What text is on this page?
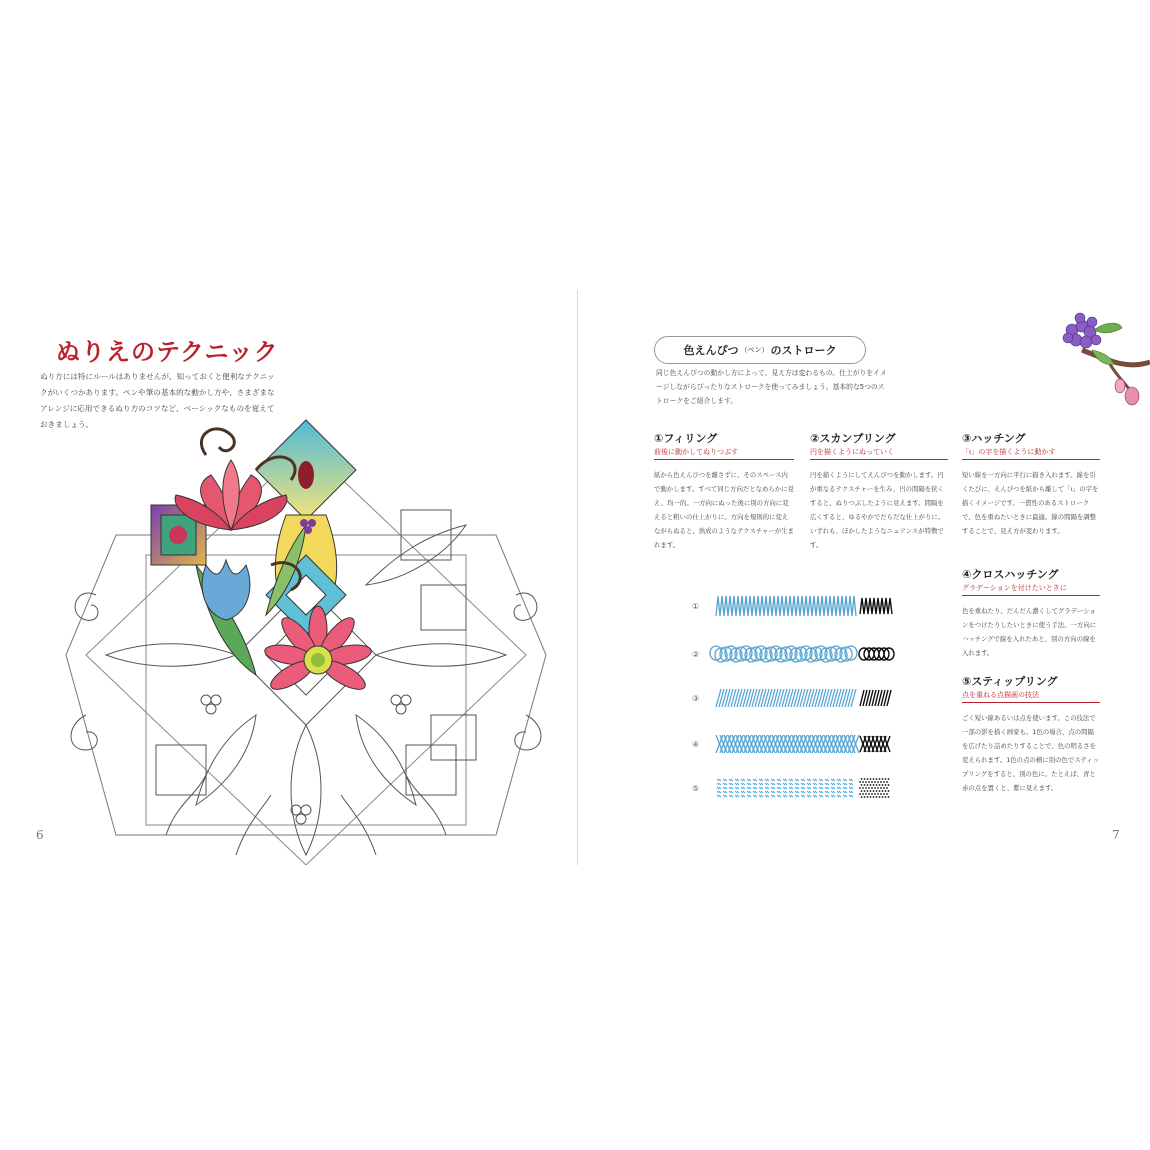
ぬりえのテクニック
ぬり方には特にルールはありませんが、知っておくと便利なテクニックがいくつかあります。ペンや筆の基本的な動かし方や、さまざまなアレンジに応用できるぬり方のコツなど、ベーシックなものを覚えておきましょう。
6
色えんぴつ （ペン） のストローク
同じ色えんぴつの動かし方によって、見え方は変わるもの。仕上がりをイメージしながらぴったりなストロークを使ってみましょう。基本的な5つのストロークをご紹介します。
①フィリング
前後に動かしてぬりつぶす
紙から色えんぴつを離さずに、そのスペース内で動かします。すべて同じ方向だとなめらかに見え、均一的。一方向にぬった後に別の方向に変えると粗いの仕上がりに。方向を規則的に変えながらぬると、熟成のようなテクスチャーが生まれます。
②スカンブリング
円を描くようにぬっていく
円を描くようにしてえんぴつを動かします。円が重なるテクスチャーを生み、円の間隔を狭くすると、ぬりつぶしたように見えます。間隔を広くすると、ゆるやかでだらだな仕上がりに。いずれも、ぼかしたようなニュアンスが特徴です。
③ハッチング
「ι」の字を描くように動かす
短い線を一方向に平行に描き入れます。線を引くたびに、えんぴつを紙から離して「ι」の字を描くイメージです。一貫性のあるストロークで、色を重ねたいときに最適。線の間隔を調整することで、見え方が変わります。
④クロスハッチング
グラデーションを付けたいときに
色を重ねたり、だんだん濃くしてグラデーションをつけたりしたいときに使う手法。一方向にハッチングで線を入れたあと、別の方向の線を入れます。
⑤スティップリング
点を重ねる点描画の技法
ごく短い線あるいは点を使います。この技法で一部の影を描く画家も。1色の場合、点の間隔を広げたり詰めたりすることで、色の明るさを変えられます。1色の点の横に別の色でスティップリングをすると、別の色に。たとえば、青と赤の点を置くと、紫に見えます。
①
②
③
④
⑤
7
